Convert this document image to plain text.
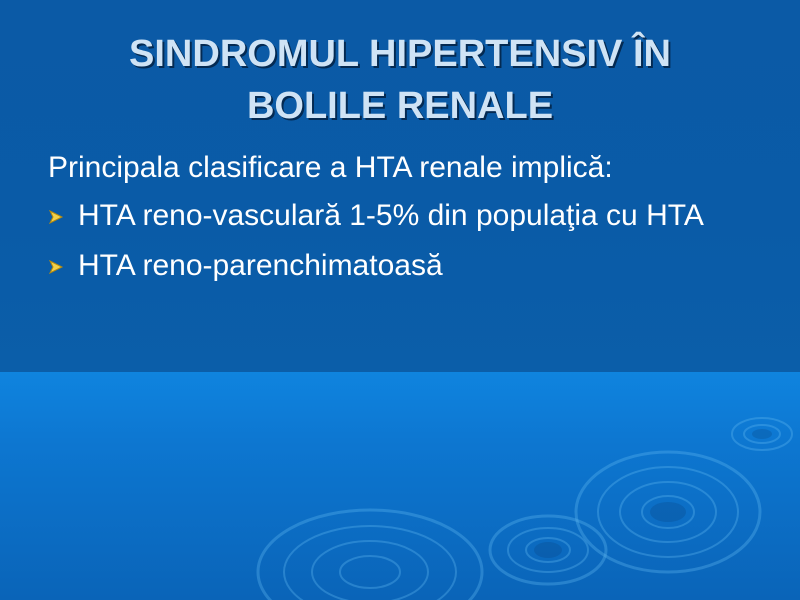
SINDROMUL HIPERTENSIV ÎN
BOLILE RENALE

Principala clasificare a HTA renale implică:

HTA reno-vasculară 1-5% din populaţia cu HTA
HTA reno-parenchimatoasă
